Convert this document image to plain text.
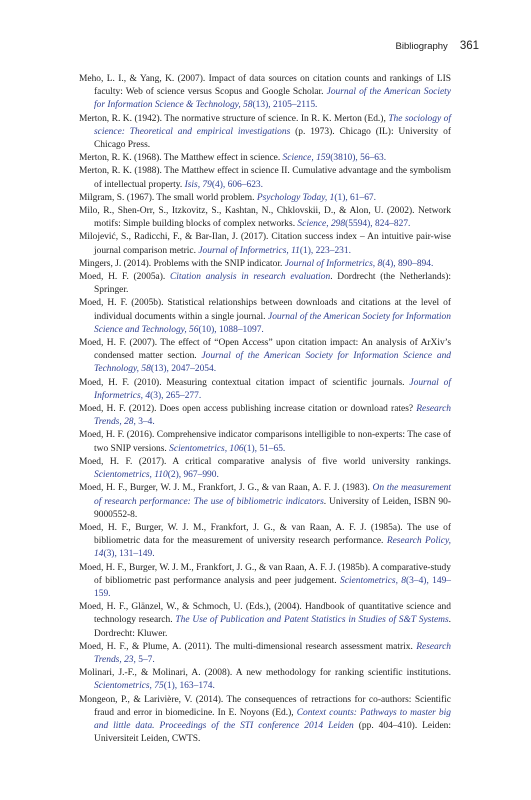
Bibliography 361
Meho, L. I., & Yang, K. (2007). Impact of data sources on citation counts and rankings of LIS faculty: Web of science versus Scopus and Google Scholar. Journal of the American Society for Information Science & Technology, 58(13), 2105–2115.
Merton, R. K. (1942). The normative structure of science. In R. K. Merton (Ed.), The sociology of science: Theoretical and empirical investigations (p. 1973). Chicago (IL): University of Chicago Press.
Merton, R. K. (1968). The Matthew effect in science. Science, 159(3810), 56–63.
Merton, R. K. (1988). The Matthew effect in science II. Cumulative advantage and the symbolism of intellectual property. Isis, 79(4), 606–623.
Milgram, S. (1967). The small world problem. Psychology Today, 1(1), 61–67.
Milo, R., Shen-Orr, S., Itzkovitz, S., Kashtan, N., Chklovskii, D., & Alon, U. (2002). Network motifs: Simple building blocks of complex networks. Science, 298(5594), 824–827.
Milojević, S., Radicchi, F., & Bar-Ilan, J. (2017). Citation success index – An intuitive pair-wise journal comparison metric. Journal of Informetrics, 11(1), 223–231.
Mingers, J. (2014). Problems with the SNIP indicator. Journal of Informetrics, 8(4), 890–894.
Moed, H. F. (2005a). Citation analysis in research evaluation. Dordrecht (the Netherlands): Springer.
Moed, H. F. (2005b). Statistical relationships between downloads and citations at the level of individual documents within a single journal. Journal of the American Society for Information Science and Technology, 56(10), 1088–1097.
Moed, H. F. (2007). The effect of “Open Access” upon citation impact: An analysis of ArXiv’s condensed matter section. Journal of the American Society for Information Science and Technology, 58(13), 2047–2054.
Moed, H. F. (2010). Measuring contextual citation impact of scientific journals. Journal of Informetrics, 4(3), 265–277.
Moed, H. F. (2012). Does open access publishing increase citation or download rates? Research Trends, 28, 3–4.
Moed, H. F. (2016). Comprehensive indicator comparisons intelligible to non-experts: The case of two SNIP versions. Scientometrics, 106(1), 51–65.
Moed, H. F. (2017). A critical comparative analysis of five world university rankings. Scientometrics, 110(2), 967–990.
Moed, H. F., Burger, W. J. M., Frankfort, J. G., & van Raan, A. F. J. (1983). On the measurement of research performance: The use of bibliometric indicators. University of Leiden, ISBN 90-9000552-8.
Moed, H. F., Burger, W. J. M., Frankfort, J. G., & van Raan, A. F. J. (1985a). The use of bibliometric data for the measurement of university research performance. Research Policy, 14(3), 131–149.
Moed, H. F., Burger, W. J. M., Frankfort, J. G., & van Raan, A. F. J. (1985b). A comparative-study of bibliometric past performance analysis and peer judgement. Scientometrics, 8(3–4), 149–159.
Moed, H. F., Glänzel, W., & Schmoch, U. (Eds.), (2004). Handbook of quantitative science and technology research. The Use of Publication and Patent Statistics in Studies of S&T Systems. Dordrecht: Kluwer.
Moed, H. F., & Plume, A. (2011). The multi-dimensional research assessment matrix. Research Trends, 23, 5–7.
Molinari, J.-F., & Molinari, A. (2008). A new methodology for ranking scientific institutions. Scientometrics, 75(1), 163–174.
Mongeon, P., & Larivière, V. (2014). The consequences of retractions for co-authors: Scientific fraud and error in biomedicine. In E. Noyons (Ed.), Context counts: Pathways to master big and little data. Proceedings of the STI conference 2014 Leiden (pp. 404–410). Leiden: Universiteit Leiden, CWTS.
